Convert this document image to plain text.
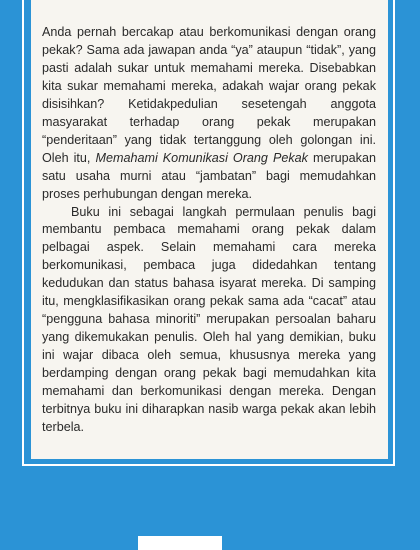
Anda pernah bercakap atau berkomunikasi dengan orang pekak? Sama ada jawapan anda “ya” ataupun “tidak”, yang pasti adalah sukar untuk memahami mereka. Disebabkan kita sukar memahami mereka, adakah wajar orang pekak disisihkan? Ketidakpedulian sesetengah anggota masyarakat terhadap orang pekak merupakan “penderitaan” yang tidak tertanggung oleh golongan ini. Oleh itu, Memahami Komunikasi Orang Pekak merupakan satu usaha murni atau “jambatan” bagi memudahkan proses perhubungan dengan mereka.

Buku ini sebagai langkah permulaan penulis bagi membantu pembaca memahami orang pekak dalam pelbagai aspek. Selain memahami cara mereka berkomunikasi, pembaca juga didedahkan tentang kedudukan dan status bahasa isyarat mereka. Di samping itu, mengklasifikasikan orang pekak sama ada “cacat” atau “pengguna bahasa minoriti” merupakan persoalan baharu yang dikemukakan penulis. Oleh hal yang demikian, buku ini wajar dibaca oleh semua, khususnya mereka yang berdamping dengan orang pekak bagi memudahkan kita memahami dan berkomunikasi dengan mereka. Dengan terbitnya buku ini diharapkan nasib warga pekak akan lebih terbela.
